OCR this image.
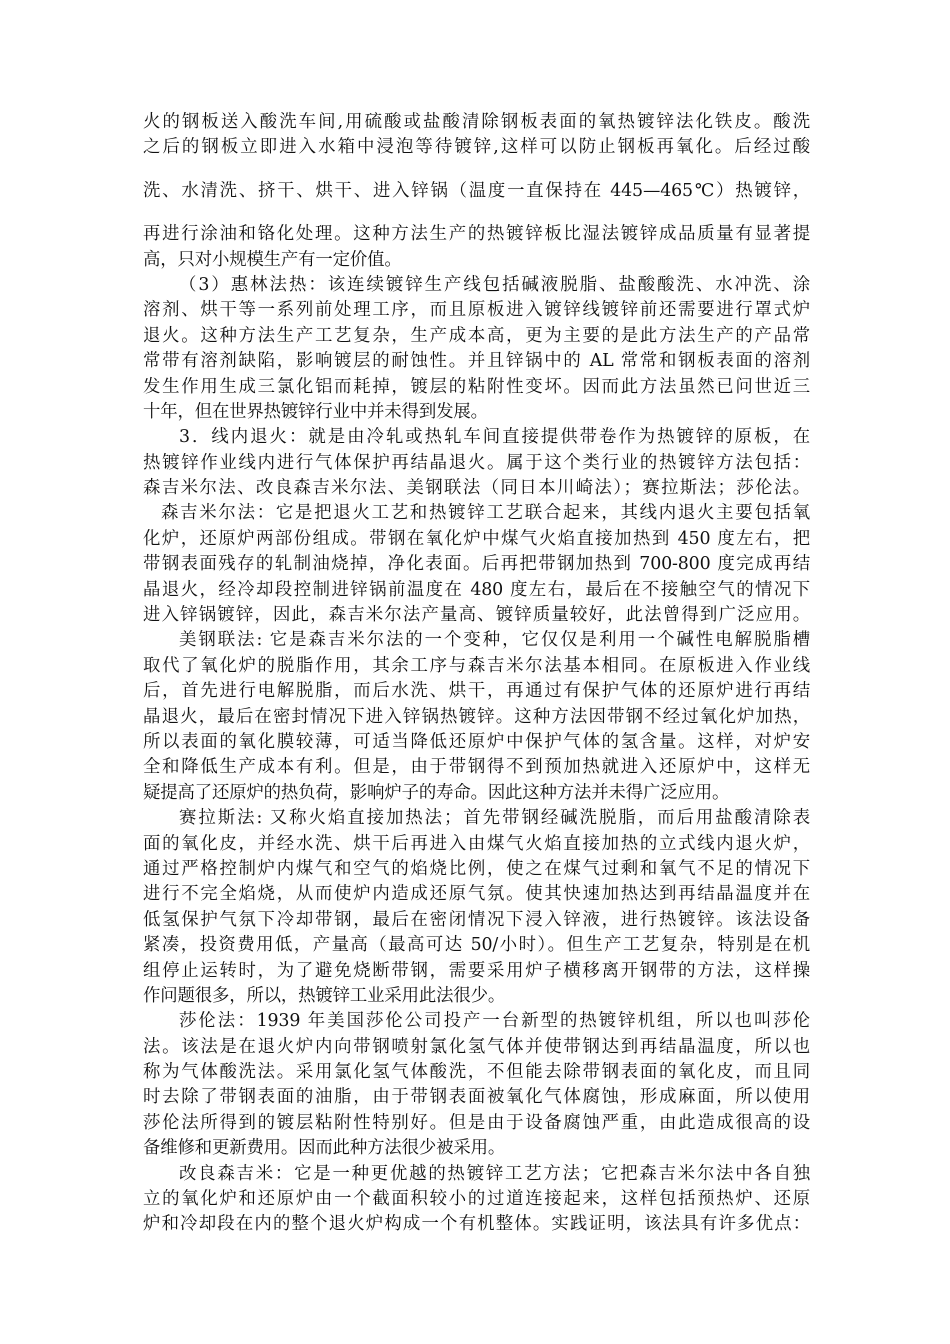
火的钢板送入酸洗车间,用硫酸或盐酸清除钢板表面的氧热镀锌法化铁皮。酸洗
之后的钢板立即进入水箱中浸泡等待镀锌,这样可以防止钢板再氧化。后经过酸
洗、水清洗、挤干、烘干、进入锌锅（温度一直保持在 445—465℃）热镀锌，
再进行涂油和铬化处理。这种方法生产的热镀锌板比湿法镀锌成品质量有显著提
高，只对小规模生产有一定价值。
（3）惠林法热：该连续镀锌生产线包括碱液脱脂、盐酸酸洗、水冲洗、涂
溶剂、烘干等一系列前处理工序，而且原板进入镀锌线镀锌前还需要进行罩式炉
退火。这种方法生产工艺复杂，生产成本高，更为主要的是此方法生产的产品常
常带有溶剂缺陷，影响镀层的耐蚀性。并且锌锅中的 AL 常常和钢板表面的溶剂
发生作用生成三氯化铝而耗掉，镀层的粘附性变坏。因而此方法虽然已问世近三
十年，但在世界热镀锌行业中并未得到发展。
3．线内退火：就是由冷轧或热轧车间直接提供带卷作为热镀锌的原板，在
热镀锌作业线内进行气体保护再结晶退火。属于这个类行业的热镀锌方法包括：
森吉米尔法、改良森吉米尔法、美钢联法（同日本川崎法）；赛拉斯法；莎伦法。
森吉米尔法：它是把退火工艺和热镀锌工艺联合起来，其线内退火主要包括氧
化炉，还原炉两部份组成。带钢在氧化炉中煤气火焰直接加热到 450 度左右，把
带钢表面残存的轧制油烧掉，净化表面。后再把带钢加热到 700-800 度完成再结
晶退火，经冷却段控制进锌锅前温度在 480 度左右，最后在不接触空气的情况下
进入锌锅镀锌，因此，森吉米尔法产量高、镀锌质量较好，此法曾得到广泛应用。
美钢联法: 它是森吉米尔法的一个变种，它仅仅是利用一个碱性电解脱脂槽
取代了氧化炉的脱脂作用，其余工序与森吉米尔法基本相同。在原板进入作业线
后，首先进行电解脱脂，而后水洗、烘干，再通过有保护气体的还原炉进行再结
晶退火，最后在密封情况下进入锌锅热镀锌。这种方法因带钢不经过氧化炉加热，
所以表面的氧化膜较薄，可适当降低还原炉中保护气体的氢含量。这样，对炉安
全和降低生产成本有利。但是，由于带钢得不到预加热就进入还原炉中，这样无
疑提高了还原炉的热负荷，影响炉子的寿命。因此这种方法并未得广泛应用。
赛拉斯法: 又称火焰直接加热法；首先带钢经碱洗脱脂，而后用盐酸清除表
面的氧化皮，并经水洗、烘干后再进入由煤气火焰直接加热的立式线内退火炉，
通过严格控制炉内煤气和空气的焰烧比例，使之在煤气过剩和氧气不足的情况下
进行不完全焰烧，从而使炉内造成还原气氛。使其快速加热达到再结晶温度并在
低氢保护气氛下冷却带钢，最后在密闭情况下浸入锌液，进行热镀锌。该法设备
紧凑，投资费用低，产量高（最高可达 50/小时）。但生产工艺复杂，特别是在机
组停止运转时，为了避免烧断带钢，需要采用炉子横移离开钢带的方法，这样操
作问题很多，所以，热镀锌工业采用此法很少。
莎伦法：1939 年美国莎伦公司投产一台新型的热镀锌机组，所以也叫莎伦
法。该法是在退火炉内向带钢喷射氯化氢气体并使带钢达到再结晶温度，所以也
称为气体酸洗法。采用氯化氢气体酸洗，不但能去除带钢表面的氧化皮，而且同
时去除了带钢表面的油脂，由于带钢表面被氧化气体腐蚀，形成麻面，所以使用
莎伦法所得到的镀层粘附性特别好。但是由于设备腐蚀严重，由此造成很高的设
备维修和更新费用。因而此种方法很少被采用。
改良森吉米：它是一种更优越的热镀锌工艺方法；它把森吉米尔法中各自独
立的氧化炉和还原炉由一个截面积较小的过道连接起来，这样包括预热炉、还原
炉和冷却段在内的整个退火炉构成一个有机整体。实践证明，该法具有许多优点：
